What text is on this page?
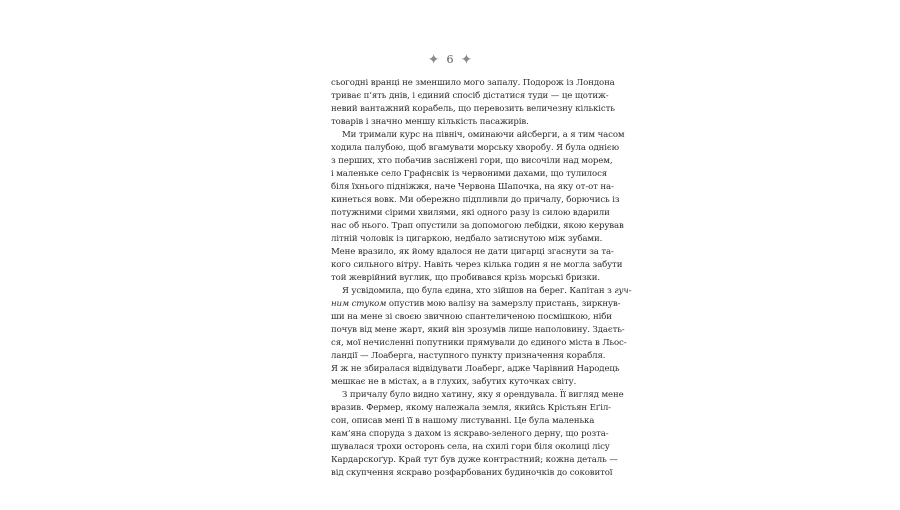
✦ 6 ✦
сьогодні вранці не зменшило мого запалу. Подорож із Лондона
триває п’ять днів, і єдиний спосіб дістатися туди — це щотиж-
невий вантажний корабель, що перевозить величезну кількість
товарів і значно меншу кількість пасажирів.
Ми тримали курс на північ, оминаючи айсберги, а я тим часом
ходила палубою, щоб вгамувати морську хворобу. Я була однією
з перших, хто побачив засніжені гори, що височіли над морем,
і маленьке село Графнсвік із червоними дахами, що тулилося
біля їхнього підніжжя, наче Червона Шапочка, на яку от-от на-
кинеться вовк. Ми обережно підпливли до причалу, борючись із
потужними сірими хвилями, які одного разу із силою вдарили
нас об нього. Трап опустили за допомогою лебідки, якою керував
літній чоловік із цигаркою, недбало затиснутою між зубами.
Мене вразило, як йому вдалося не дати цигарці згаснути за та-
кого сильного вітру. Навіть через кілька годин я не могла забути
той жеврійний вуглик, що пробивався крізь морські бризки.
Я усвідомила, що була єдина, хто зійшов на берег. Капітан з гуч-
ним стуком опустив мою валізу на замерзлу пристань, зиркнув-
ши на мене зі своєю звичною спантеличеною посмішкою, ніби
почув від мене жарт, який він зрозумів лише наполовину. Здаєть-
ся, мої нечисленні попутники прямували до єдиного міста в Льос-
ландії — Лоаберга, наступного пункту призначення корабля.
Я ж не збиралася відвідувати Лоаберг, адже Чарівний Народець
мешкає не в містах, а в глухих, забутих куточках світу.
З причалу було видно хатину, яку я орендувала. Її вигляд мене
вразив. Фермер, якому належала земля, якийсь Крістьян Еґіл-
сон, описав мені її в нашому листуванні. Це була маленька
кам’яна споруда з дахом із яскраво-зеленого дерну, що розта-
шувалася трохи осторонь села, на схилі гори біля околиці лісу
Кардарскоґур. Край тут був дуже контрастний; кожна деталь —
від скупчення яскраво розфарбованих будиночків до соковитої
